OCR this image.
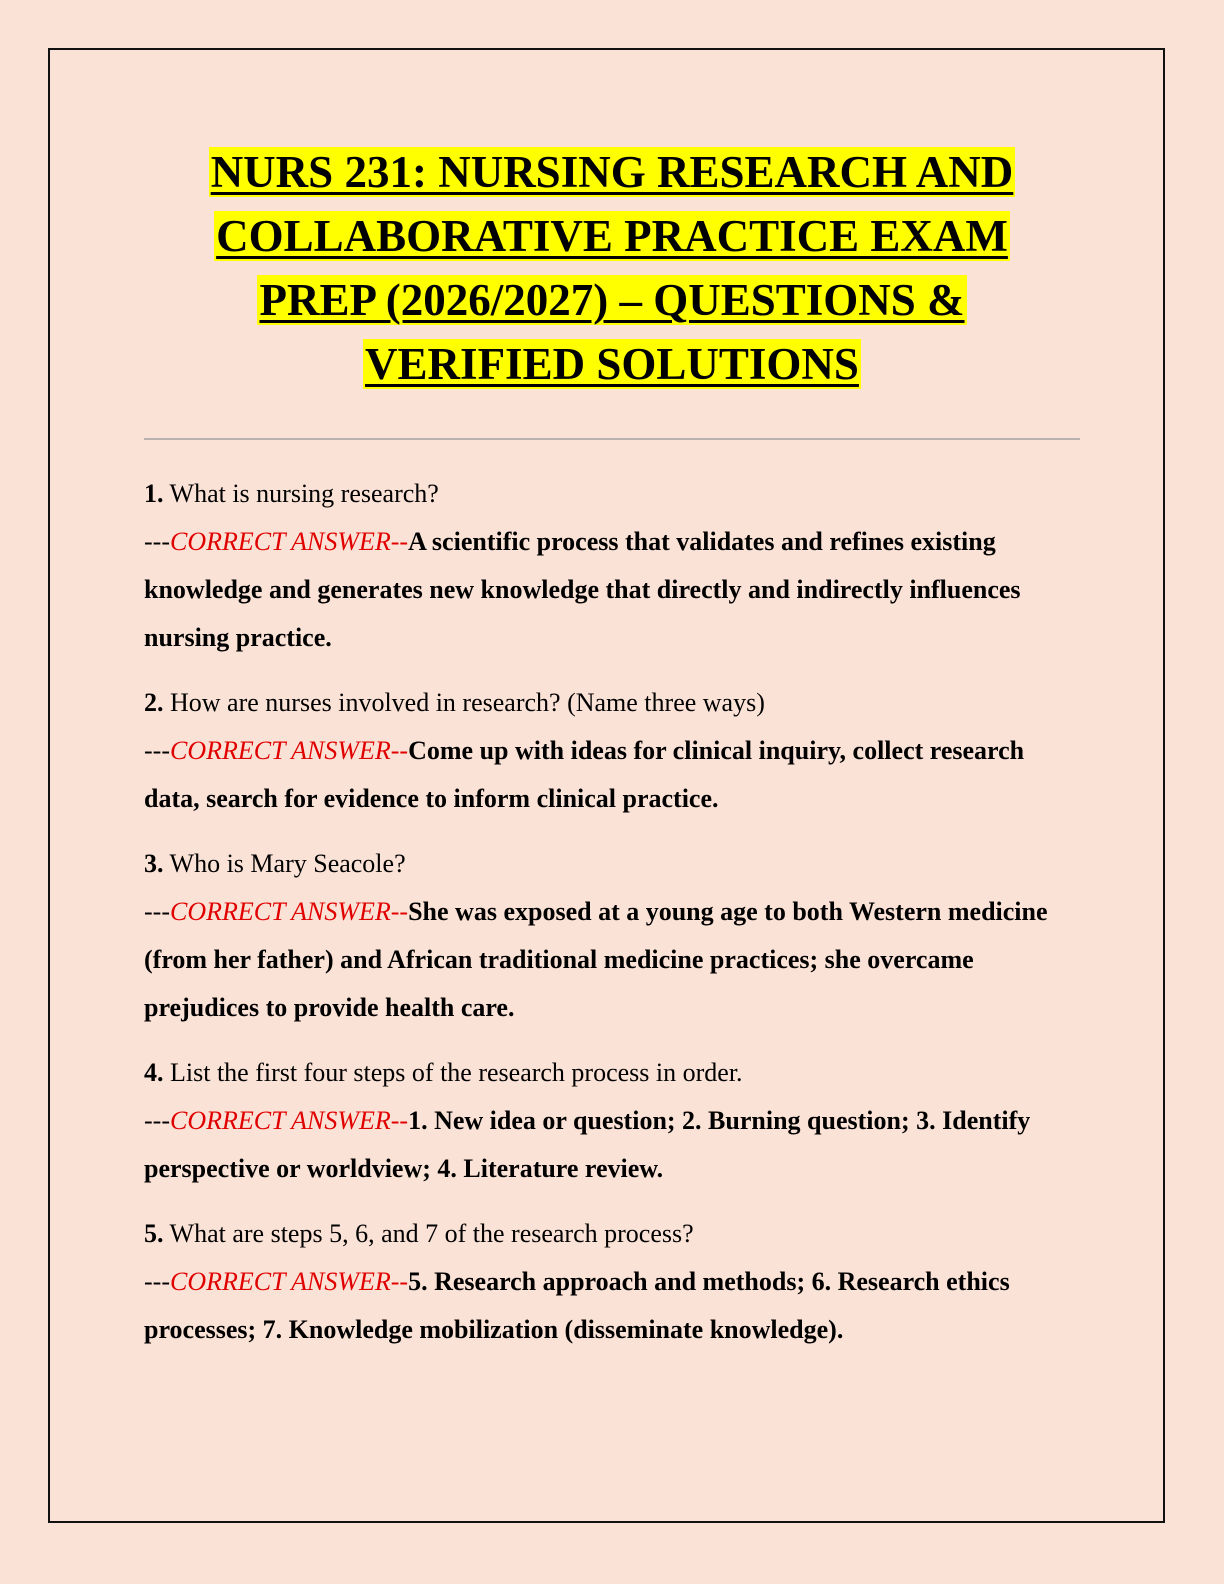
NURS 231: NURSING RESEARCH AND
COLLABORATIVE PRACTICE EXAM
PREP (2026/2027) – QUESTIONS &
VERIFIED SOLUTIONS

1. What is nursing research?

---CORRECT ANSWER--A scientific process that validates and refines existing knowledge and generates new knowledge that directly and indirectly influences nursing practice.

2. How are nurses involved in research? (Name three ways)

---CORRECT ANSWER--Come up with ideas for clinical inquiry, collect research data, search for evidence to inform clinical practice.

3. Who is Mary Seacole?

---CORRECT ANSWER--She was exposed at a young age to both Western medicine (from her father) and African traditional medicine practices; she overcame prejudices to provide health care.

4. List the first four steps of the research process in order.

---CORRECT ANSWER--1. New idea or question; 2. Burning question; 3. Identify perspective or worldview; 4. Literature review.

5. What are steps 5, 6, and 7 of the research process?

---CORRECT ANSWER--5. Research approach and methods; 6. Research ethics processes; 7. Knowledge mobilization (disseminate knowledge).
